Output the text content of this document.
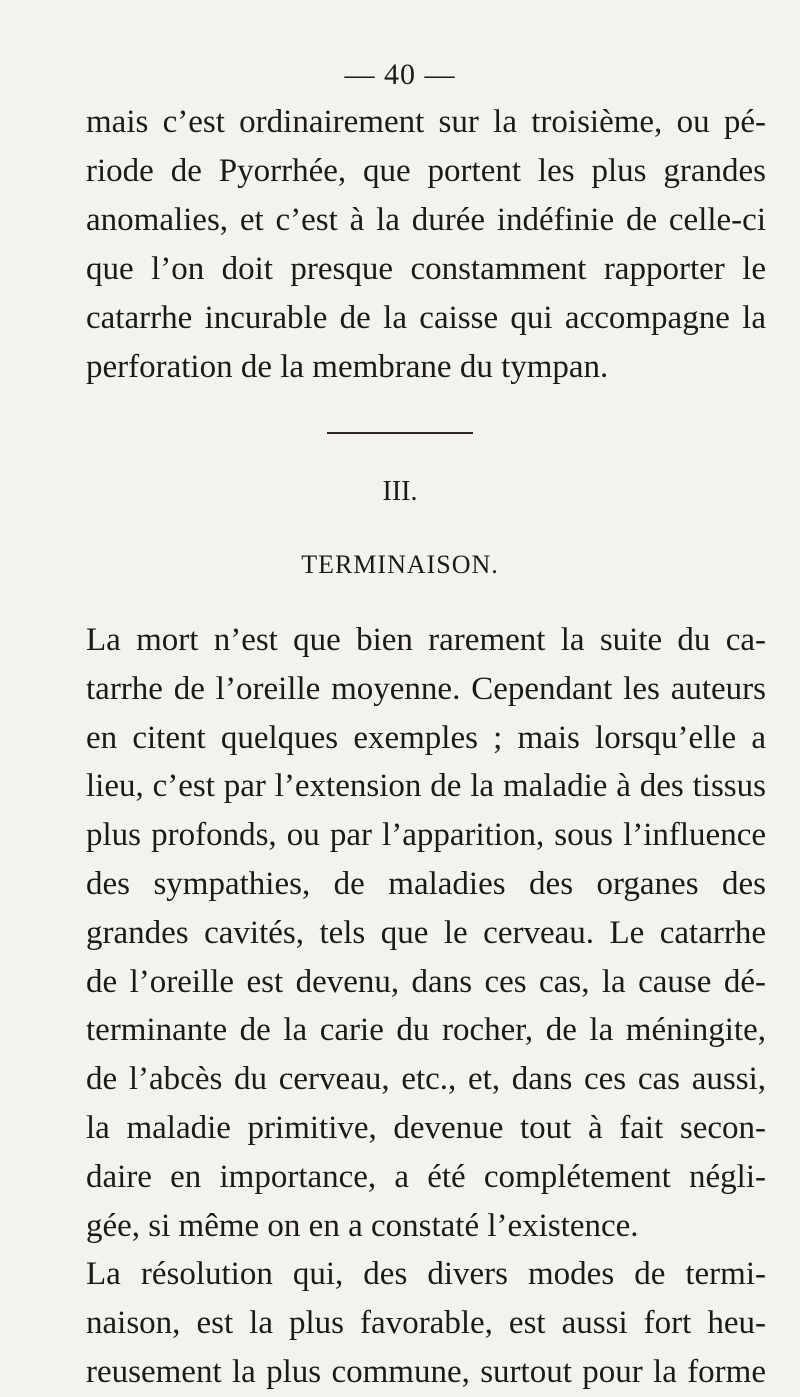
— 40 —
mais c’est ordinairement sur la troisième, ou pé-
riode de Pyorrhée, que portent les plus grandes
anomalies, et c’est à la durée indéfinie de celle-ci
que l’on doit presque constamment rapporter le
catarrhe incurable de la caisse qui accompagne la
perforation de la membrane du tympan.
III.
TERMINAISON.
La mort n’est que bien rarement la suite du ca-
tarrhe de l’oreille moyenne. Cependant les auteurs
en citent quelques exemples ; mais lorsqu’elle a
lieu, c’est par l’extension de la maladie à des tissus
plus profonds, ou par l’apparition, sous l’influence
des sympathies, de maladies des organes des
grandes cavités, tels que le cerveau. Le catarrhe
de l’oreille est devenu, dans ces cas, la cause dé-
terminante de la carie du rocher, de la méningite,
de l’abcès du cerveau, etc., et, dans ces cas aussi,
la maladie primitive, devenue tout à fait secon-
daire en importance, a été complétement négli-
gée, si même on en a constaté l’existence.
La résolution qui, des divers modes de termi-
naison, est la plus favorable, est aussi fort heu-
reusement la plus commune, surtout pour la forme
